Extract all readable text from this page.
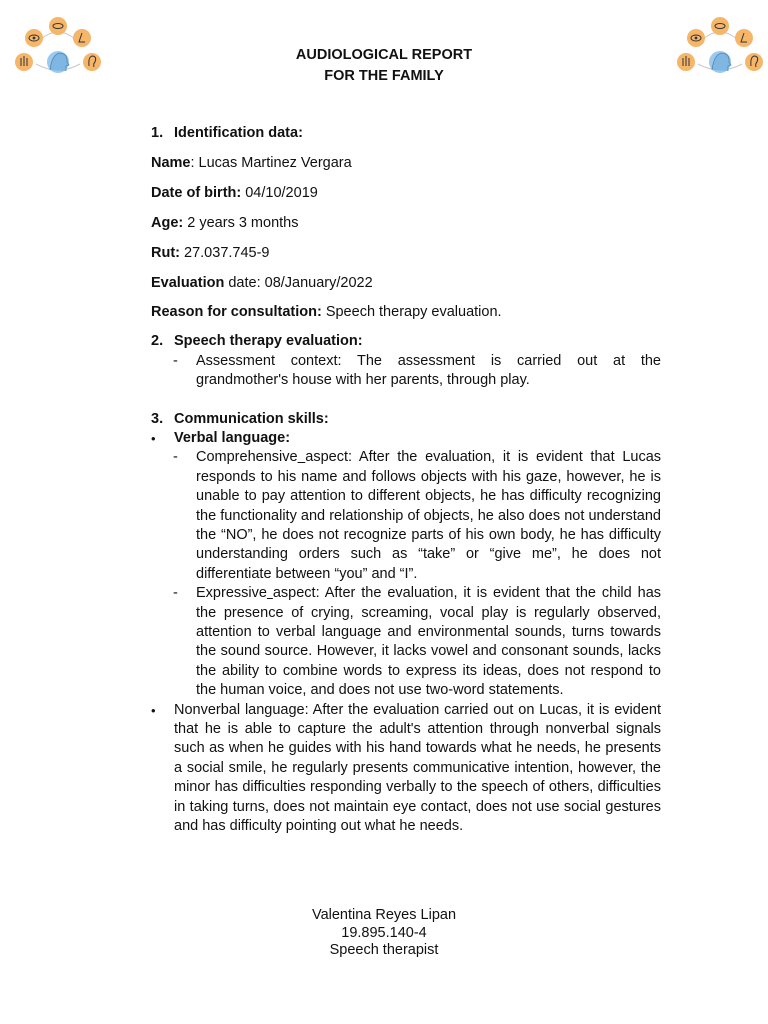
AUDIOLOGICAL REPORT
FOR THE FAMILY
1. Identification data:
Name: Lucas Martinez Vergara
Date of birth: 04/10/2019
Age: 2 years 3 months
Rut: 27.037.745-9
Evaluation date: 08/January/2022
Reason for consultation: Speech therapy evaluation.
2. Speech therapy evaluation:
-	Assessment context: The assessment is carried out at the grandmother's house with her parents, through play.
3. Communication skills:
•	Verbal language:
-	Comprehensive aspect: After the evaluation, it is evident that Lucas responds to his name and follows objects with his gaze, however, he is unable to pay attention to different objects, he has difficulty recognizing the functionality and relationship of objects, he also does not understand the “NO”, he does not recognize parts of his own body, he has difficulty understanding orders such as “take” or “give me”, he does not differentiate between “you” and “I”.
-	Expressive aspect: After the evaluation, it is evident that the child has the presence of crying, screaming, vocal play is regularly observed, attention to verbal language and environmental sounds, turns towards the sound source. However, it lacks vowel and consonant sounds, lacks the ability to combine words to express its ideas, does not respond to the human voice, and does not use two-word statements.
•	Nonverbal language: After the evaluation carried out on Lucas, it is evident that he is able to capture the adult's attention through nonverbal signals such as when he guides with his hand towards what he needs, he presents a social smile, he regularly presents communicative intention, however, the minor has difficulties responding verbally to the speech of others, difficulties in taking turns, does not maintain eye contact, does not use social gestures and has difficulty pointing out what he needs.
Valentina Reyes Lipan
19.895.140-4
Speech therapist
